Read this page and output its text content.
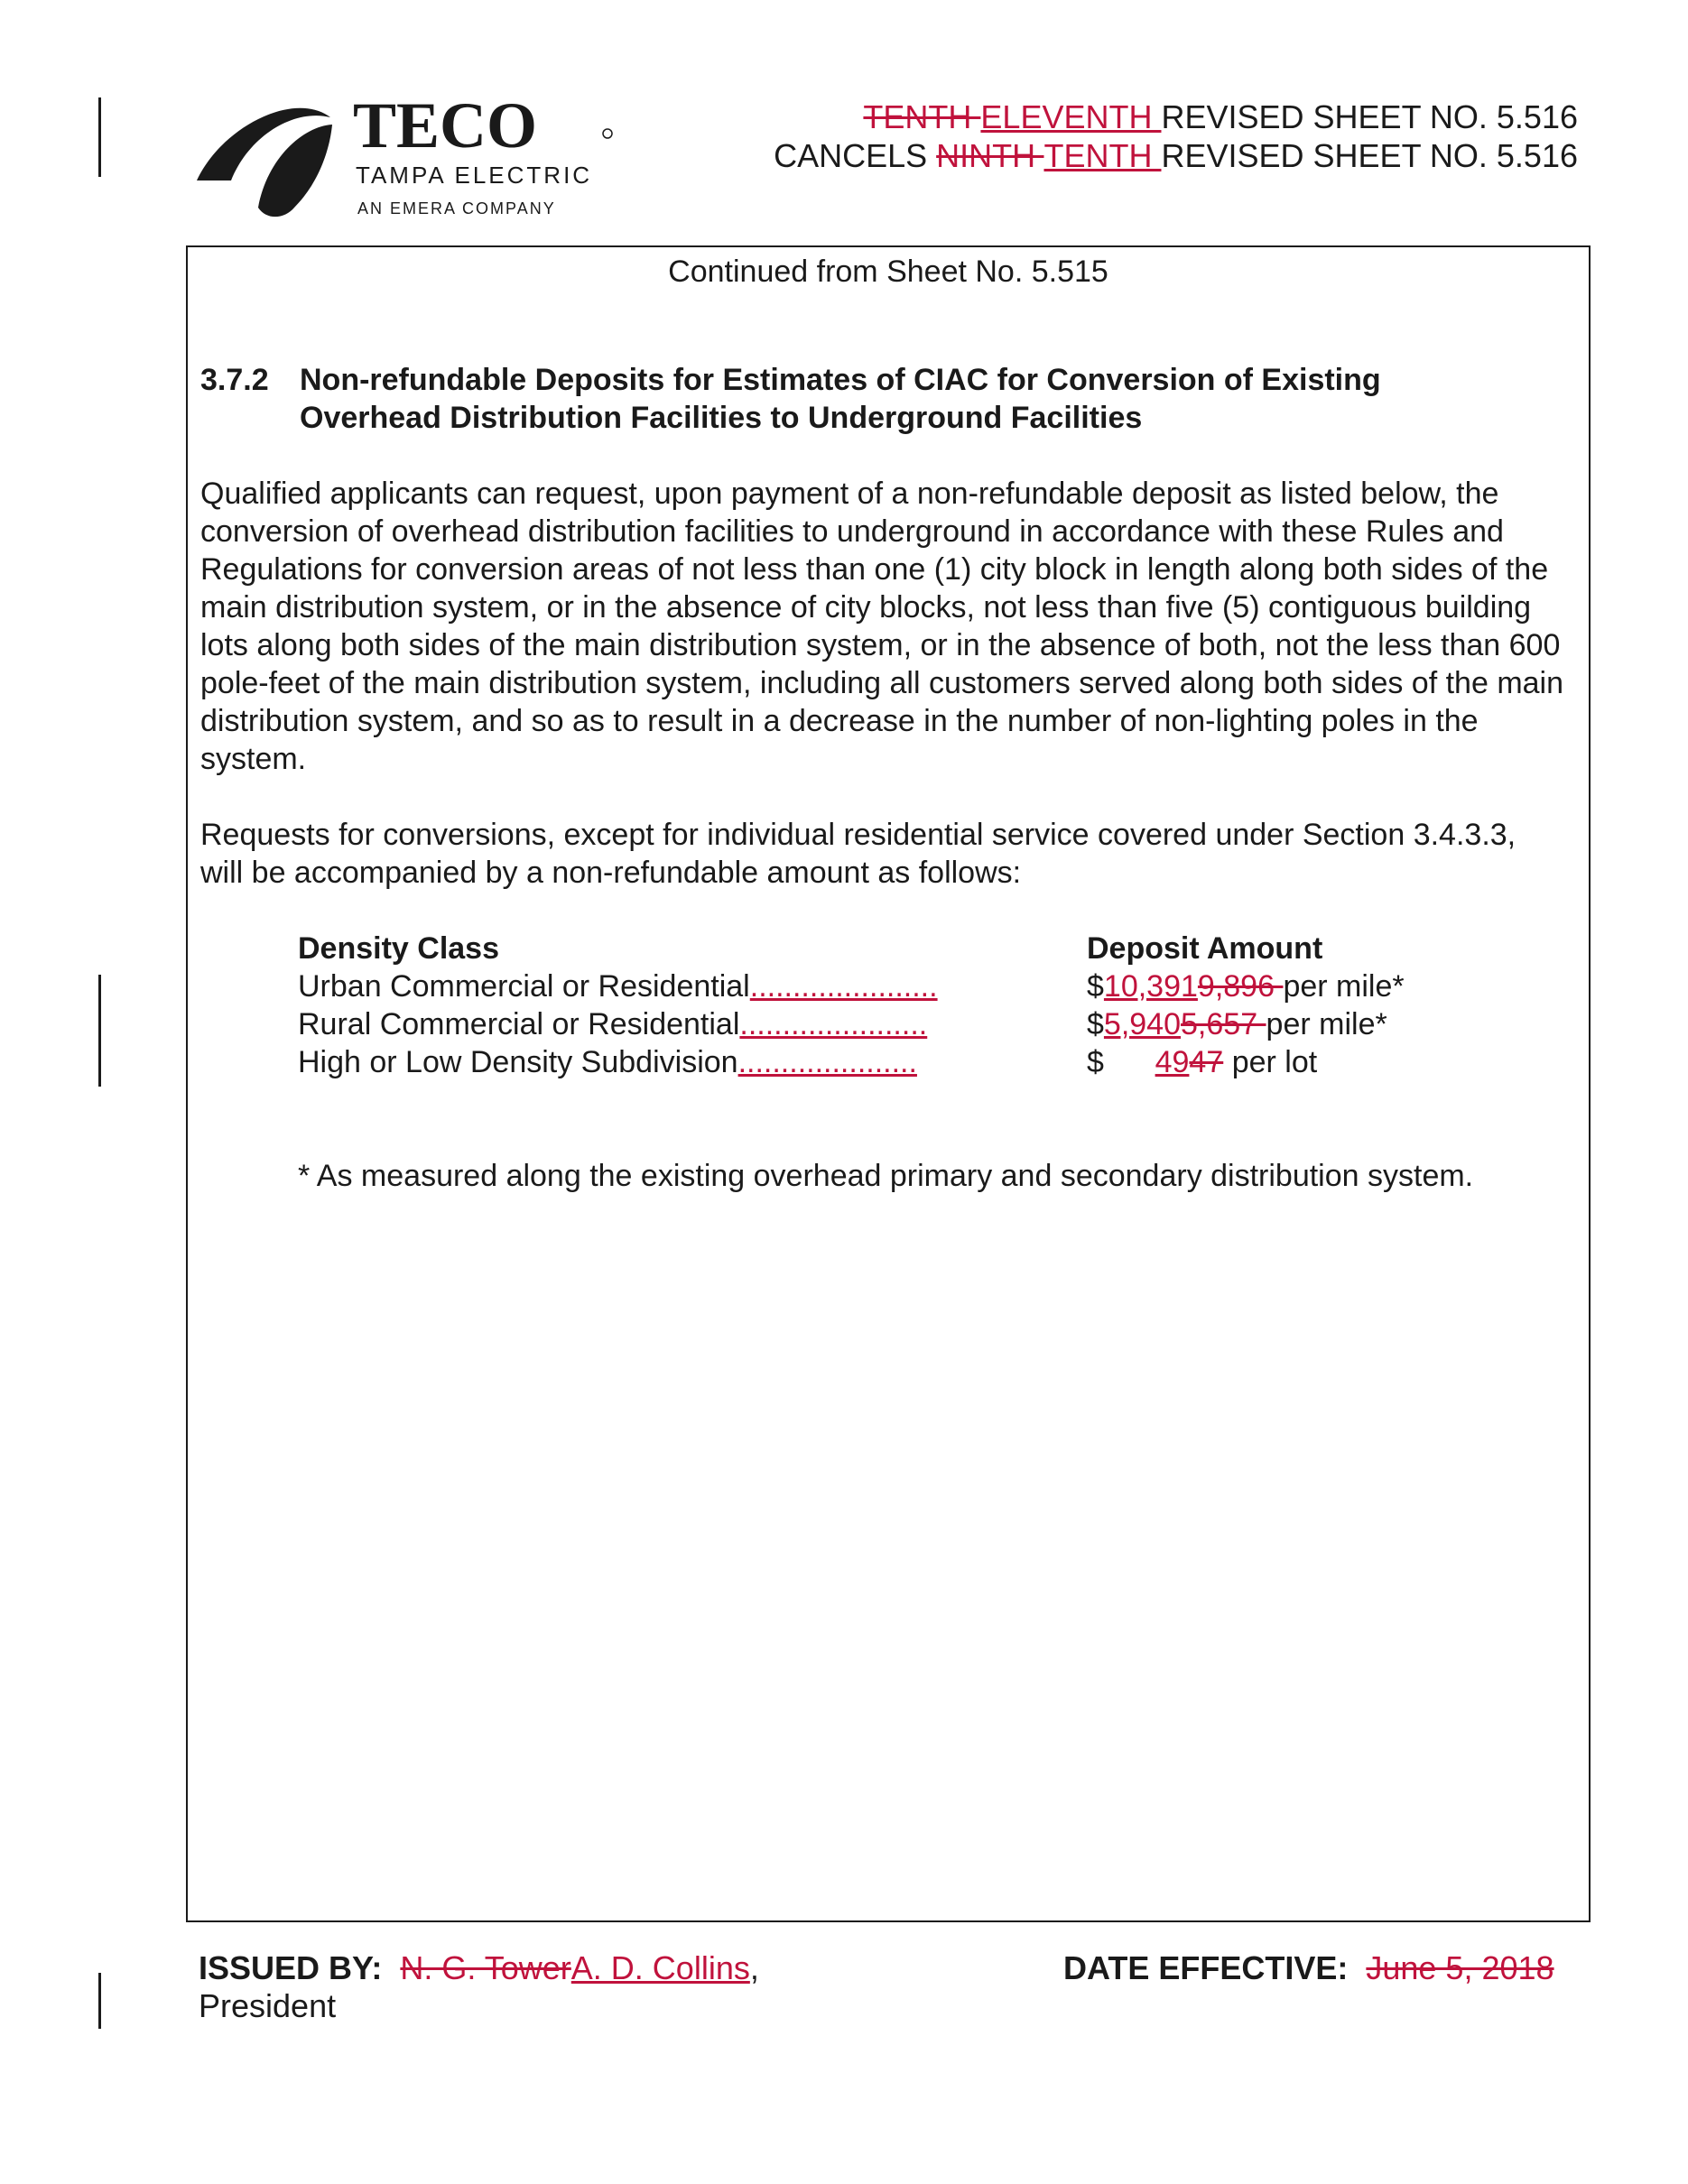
TECO
TAMPA ELECTRIC
AN EMERA COMPANY
TENTH ELEVENTH REVISED SHEET NO. 5.516
CANCELS NINTH TENTH REVISED SHEET NO. 5.516
Continued from Sheet No. 5.515
3.7.2 Non-refundable Deposits for Estimates of CIAC for Conversion of Existing Overhead Distribution Facilities to Underground Facilities
Qualified applicants can request, upon payment of a non-refundable deposit as listed below, the conversion of overhead distribution facilities to underground in accordance with these Rules and Regulations for conversion areas of not less than one (1) city block in length along both sides of the main distribution system, or in the absence of city blocks, not less than five (5) contiguous building lots along both sides of the main distribution system, or in the absence of both, not the less than 600 pole-feet of the main distribution system, including all customers served along both sides of the main distribution system, and so as to result in a decrease in the number of non-lighting poles in the system.
Requests for conversions, except for individual residential service covered under Section 3.4.3.3, will be accompanied by a non-refundable amount as follows:
Density Class	Deposit Amount
Urban Commercial or Residential......................	$10,3919,896 per mile*
Rural Commercial or Residential......................	$5,9405,657 per mile*
High or Low Density Subdivision.....................	$      4947 per lot
* As measured along the existing overhead primary and secondary distribution system.
ISSUED BY: N. G. TowerA. D. Collins,
President
DATE EFFECTIVE: June 5, 2018
